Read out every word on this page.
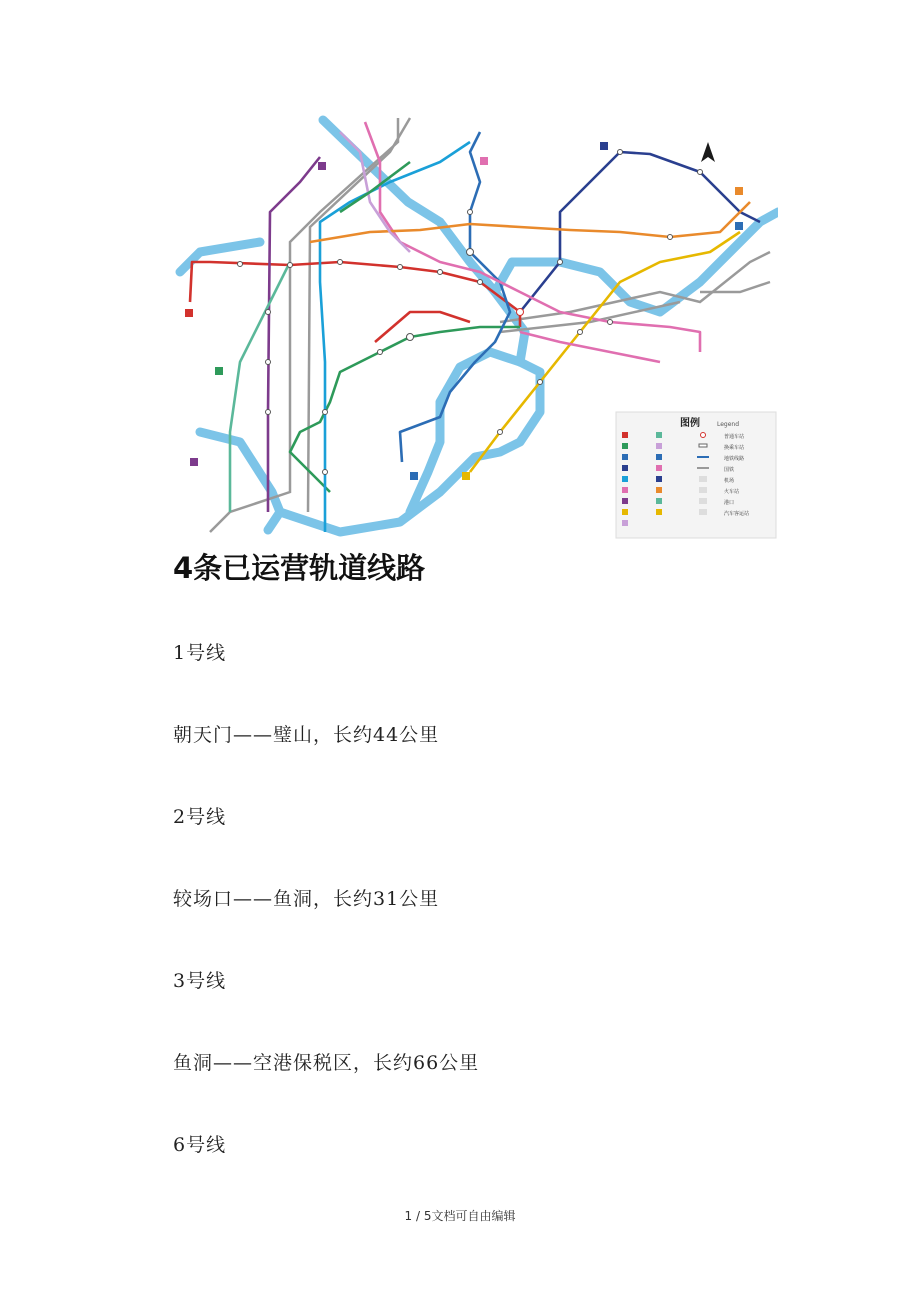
图例	Legend
普通车站
换乘车站
地铁线路
国铁
机场
火车站
港口
汽车客运站
4条已运营轨道线路

1号线

朝天门——璧山，长约44公里

2号线

较场口——鱼洞，长约31公里

3号线

鱼洞——空港保税区，长约66公里

6号线

1 / 5文档可自由编辑
